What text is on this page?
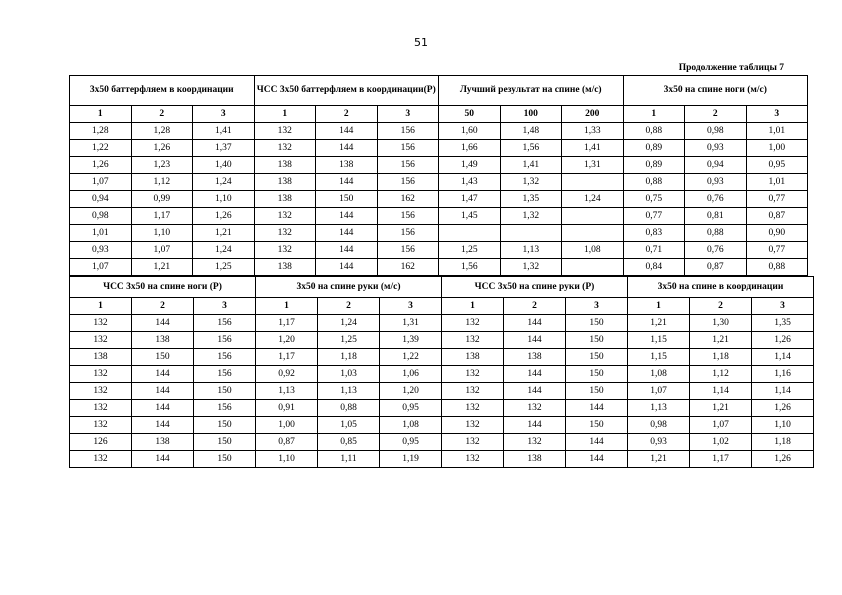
51
Продолжение таблицы 7
3х50 баттерфляем в координации			ЧСС 3х50 баттерфляем в координации(Р)			Лучший результат на спине (м/с)			3х50 на спине ноги (м/с)		
1	2	3	1	2	3	50	100	200	1	2	3
1,28	1,28	1,41	132	144	156	1,60	1,48	1,33	0,88	0,98	1,01
1,22	1,26	1,37	132	144	156	1,66	1,56	1,41	0,89	0,93	1,00
1,26	1,23	1,40	138	138	156	1,49	1,41	1,31	0,89	0,94	0,95
1,07	1,12	1,24	138	144	156	1,43	1,32		0,88	0,93	1,01
0,94	0,99	1,10	138	150	162	1,47	1,35	1,24	0,75	0,76	0,77
0,98	1,17	1,26	132	144	156	1,45	1,32		0,77	0,81	0,87
1,01	1,10	1,21	132	144	156				0,83	0,88	0,90
0,93	1,07	1,24	132	144	156	1,25	1,13	1,08	0,71	0,76	0,77
1,07	1,21	1,25	138	144	162	1,56	1,32		0,84	0,87	0,88
ЧСС 3х50 на спине ноги (Р)			3х50 на спине руки (м/с)			ЧСС 3х50 на спине руки (Р)			3х50 на спине в координации		
1	2	3	1	2	3	1	2	3	1	2	3
132	144	156	1,17	1,24	1,31	132	144	150	1,21	1,30	1,35
132	138	156	1,20	1,25	1,39	132	144	150	1,15	1,21	1,26
138	150	156	1,17	1,18	1,22	138	138	150	1,15	1,18	1,14
132	144	156	0,92	1,03	1,06	132	144	150	1,08	1,12	1,16
132	144	150	1,13	1,13	1,20	132	144	150	1,07	1,14	1,14
132	144	156	0,91	0,88	0,95	132	132	144	1,13	1,21	1,26
132	144	150	1,00	1,05	1,08	132	144	150	0,98	1,07	1,10
126	138	150	0,87	0,85	0,95	132	132	144	0,93	1,02	1,18
132	144	150	1,10	1,11	1,19	132	138	144	1,21	1,17	1,26
